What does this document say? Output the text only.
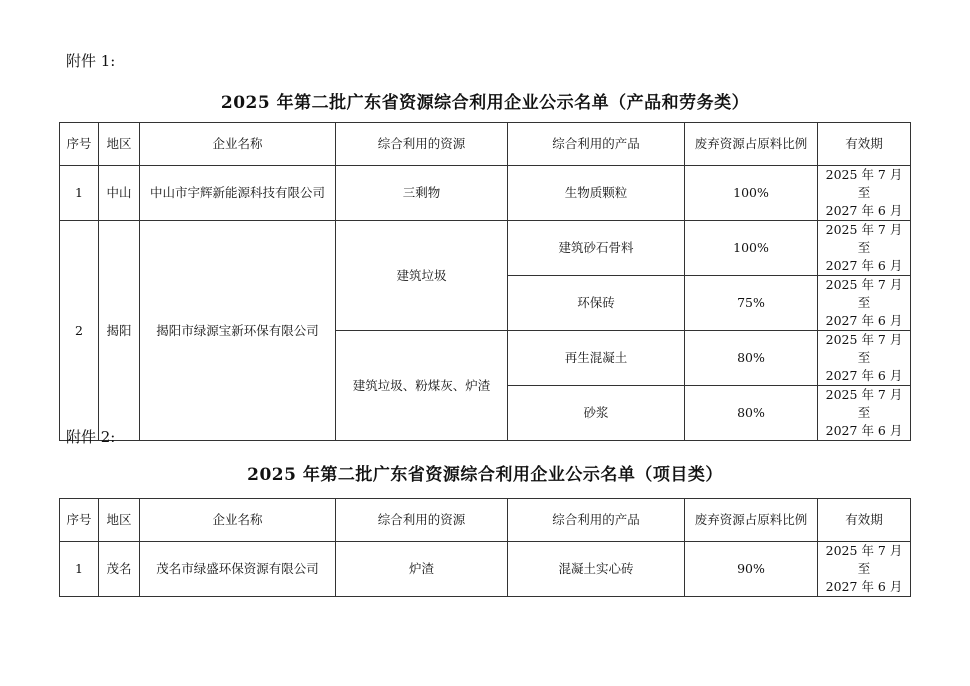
附件 1:
2025 年第二批广东省资源综合利用企业公示名单（产品和劳务类）
序号	地区	企业名称	综合利用的资源	综合利用的产品	废弃资源占原料比例	有效期
1	中山	中山市宇辉新能源科技有限公司	三剩物	生物质颗粒	100%	2025 年 7 月至
2027 年 6 月
2	揭阳	揭阳市绿源宝新环保有限公司	建筑垃圾	建筑砂石骨料	100%	2025 年 7 月至
2027 年 6 月
				环保砖	75%	2025 年 7 月至
2027 年 6 月
			建筑垃圾、粉煤灰、炉渣	再生混凝土	80%	2025 年 7 月至
2027 年 6 月
				砂浆	80%	2025 年 7 月至
2027 年 6 月
附件 2:
2025 年第二批广东省资源综合利用企业公示名单（项目类）
序号	地区	企业名称	综合利用的资源	综合利用的产品	废弃资源占原料比例	有效期
1	茂名	茂名市绿盛环保资源有限公司	炉渣	混凝土实心砖	90%	2025 年 7 月至
2027 年 6 月
